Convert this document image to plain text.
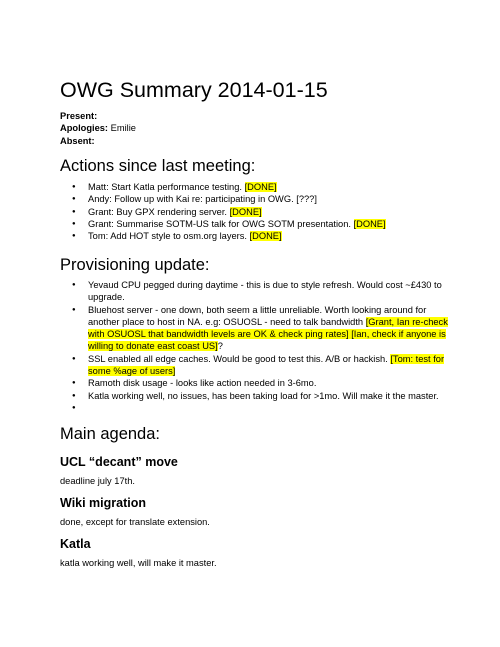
OWG Summary 2014-01-15
Present:
Apologies: Emilie
Absent:
Actions since last meeting:
● Matt: Start Katla performance testing. [DONE]
● Andy: Follow up with Kai re: participating in OWG. [???]
● Grant: Buy GPX rendering server. [DONE]
● Grant: Summarise SOTM-US talk for OWG SOTM presentation. [DONE]
● Tom: Add HOT style to osm.org layers. [DONE]
Provisioning update:
● Yevaud CPU pegged during daytime - this is due to style refresh. Would cost ~£430 to upgrade.
● Bluehost server - one down, both seem a little unreliable. Worth looking around for another place to host in NA. e.g: OSUOSL - need to talk bandwidth [Grant, Ian re-check with OSUOSL that bandwidth levels are OK & check ping rates] [Ian, check if anyone is willing to donate east coast US]?
● SSL enabled all edge caches. Would be good to test this. A/B or hackish. [Tom: test for some %age of users]
● Ramoth disk usage - looks like action needed in 3-6mo.
● Katla working well, no issues, has been taking load for >1mo. Will make it the master.
●
Main agenda:
UCL “decant” move

deadline july 17th.

Wiki migration

done, except for translate extension.

Katla

katla working well, will make it master.
